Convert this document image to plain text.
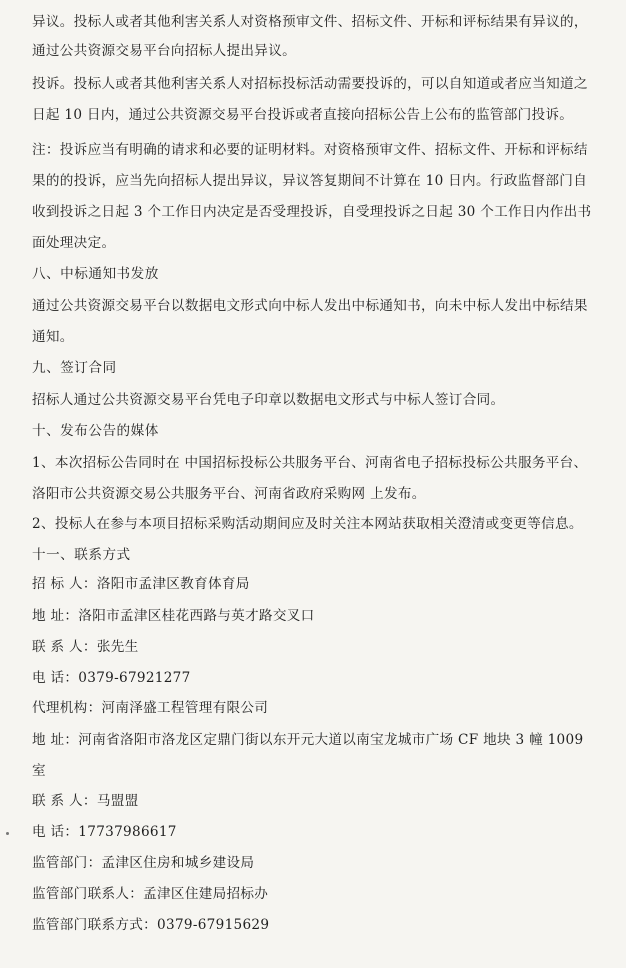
异议。投标人或者其他利害关系人对资格预审文件、招标文件、开标和评标结果有异议的，
通过公共资源交易平台向招标人提出异议。
投诉。投标人或者其他利害关系人对招标投标活动需要投诉的，可以自知道或者应当知道之
日起 10 日内，通过公共资源交易平台投诉或者直接向招标公告上公布的监管部门投诉。
注：投诉应当有明确的请求和必要的证明材料。对资格预审文件、招标文件、开标和评标结
果的的投诉，应当先向招标人提出异议，异议答复期间不计算在 10 日内。行政监督部门自
收到投诉之日起 3 个工作日内决定是否受理投诉，自受理投诉之日起 30 个工作日内作出书
面处理决定。
八、中标通知书发放
通过公共资源交易平台以数据电文形式向中标人发出中标通知书，向未中标人发出中标结果
通知。
九、签订合同
招标人通过公共资源交易平台凭电子印章以数据电文形式与中标人签订合同。
十、发布公告的媒体
1、本次招标公告同时在 中国招标投标公共服务平台、河南省电子招标投标公共服务平台、
洛阳市公共资源交易公共服务平台、河南省政府采购网 上发布。
2、投标人在参与本项目招标采购活动期间应及时关注本网站获取相关澄清或变更等信息。
十一、联系方式
招 标 人：洛阳市孟津区教育体育局
地 址：洛阳市孟津区桂花西路与英才路交叉口
联 系 人：张先生
电 话：0379-67921277
代理机构：河南泽盛工程管理有限公司
地 址：河南省洛阳市洛龙区定鼎门街以东开元大道以南宝龙城市广场 CF 地块 3 幢 1009
室
联 系 人：马盟盟
电 话：17737986617
监管部门：孟津区住房和城乡建设局
监管部门联系人：孟津区住建局招标办
监管部门联系方式：0379-67915629
